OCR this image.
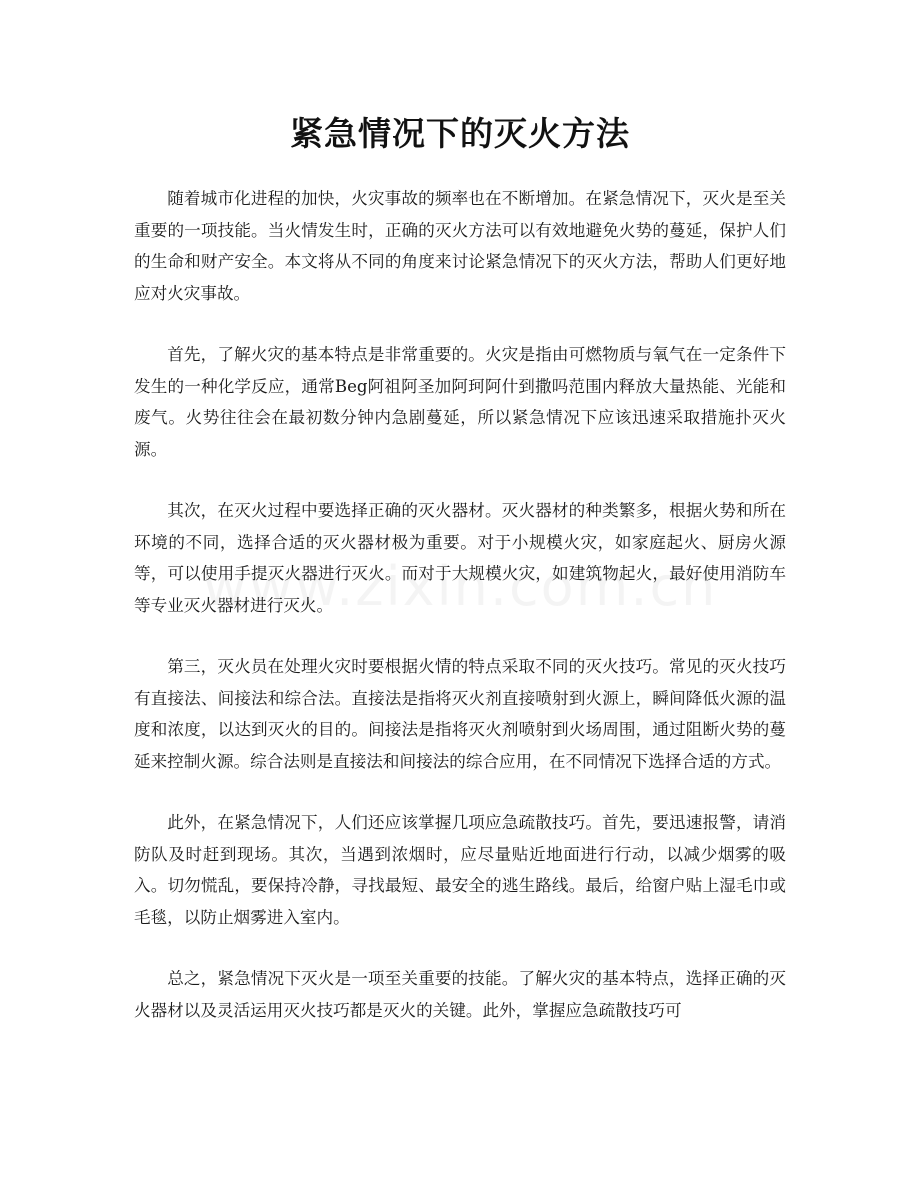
紧急情况下的灭火方法

随着城市化进程的加快，火灾事故的频率也在不断增加。在紧急情况下，灭火是至关重要的一项技能。当火情发生时，正确的灭火方法可以有效地避免火势的蔓延，保护人们的生命和财产安全。本文将从不同的角度来讨论紧急情况下的灭火方法，帮助人们更好地应对火灾事故。

首先，了解火灾的基本特点是非常重要的。火灾是指由可燃物质与氧气在一定条件下发生的一种化学反应，通常Beg阿祖阿圣加阿珂阿什到撒吗范围内释放大量热能、光能和废气。火势往往会在最初数分钟内急剧蔓延，所以紧急情况下应该迅速采取措施扑灭火源。

其次，在灭火过程中要选择正确的灭火器材。灭火器材的种类繁多，根据火势和所在环境的不同，选择合适的灭火器材极为重要。对于小规模火灾，如家庭起火、厨房火源等，可以使用手提灭火器进行灭火。而对于大规模火灾，如建筑物起火，最好使用消防车等专业灭火器材进行灭火。

第三，灭火员在处理火灾时要根据火情的特点采取不同的灭火技巧。常见的灭火技巧有直接法、间接法和综合法。直接法是指将灭火剂直接喷射到火源上，瞬间降低火源的温度和浓度，以达到灭火的目的。间接法是指将灭火剂喷射到火场周围，通过阻断火势的蔓延来控制火源。综合法则是直接法和间接法的综合应用，在不同情况下选择合适的方式。

此外，在紧急情况下，人们还应该掌握几项应急疏散技巧。首先，要迅速报警，请消防队及时赶到现场。其次，当遇到浓烟时，应尽量贴近地面进行行动，以减少烟雾的吸入。切勿慌乱，要保持冷静，寻找最短、最安全的逃生路线。最后，给窗户贴上湿毛巾或毛毯，以防止烟雾进入室内。

总之，紧急情况下灭火是一项至关重要的技能。了解火灾的基本特点，选择正确的灭火器材以及灵活运用灭火技巧都是灭火的关键。此外，掌握应急疏散技巧可
